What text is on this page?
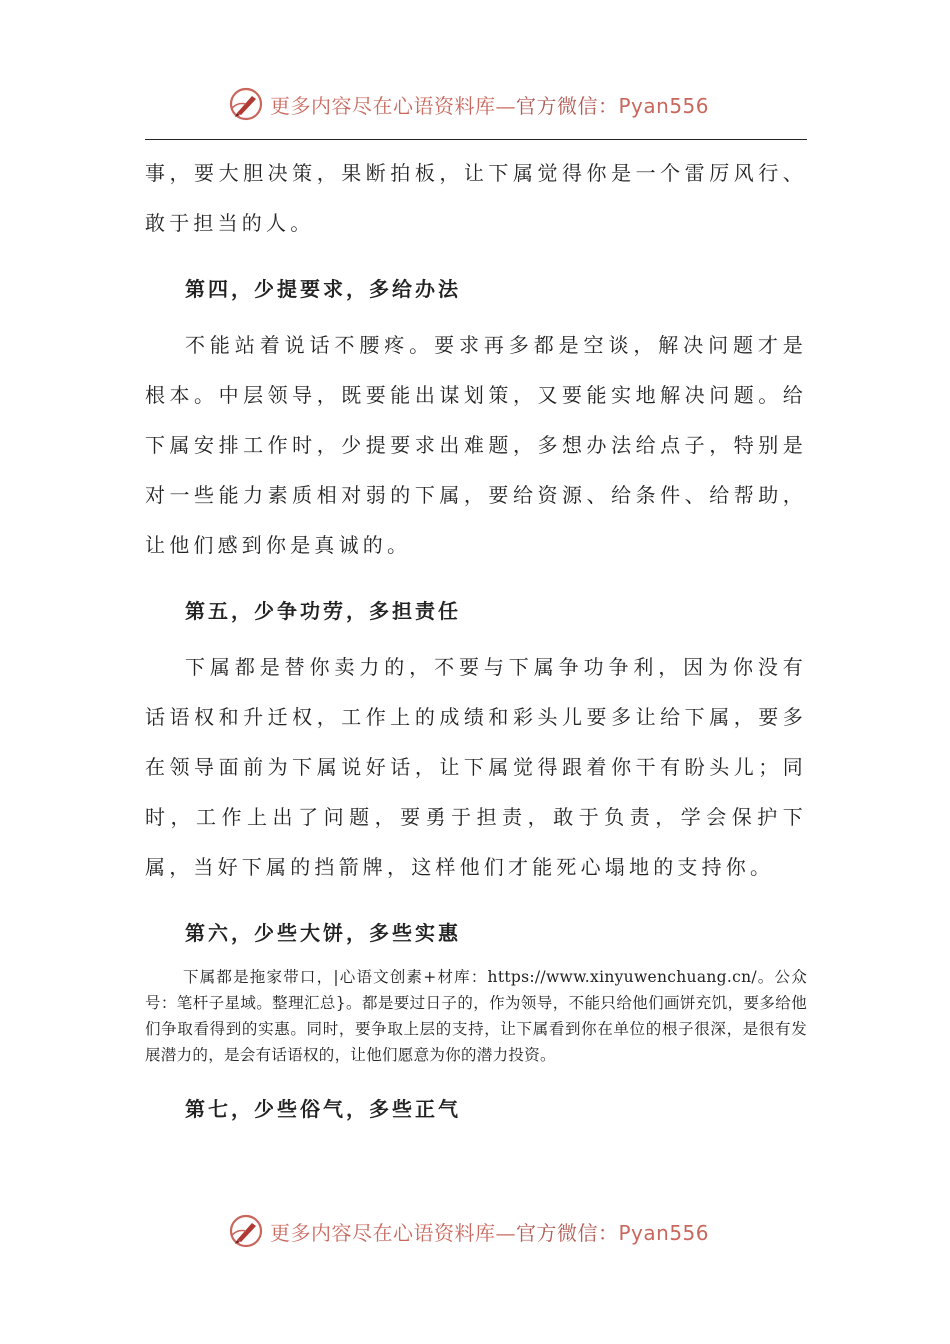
更多内容尽在心语资料库—官方微信：Pyan556

事，要大胆决策，果断拍板，让下属觉得你是一个雷厉风行、敢于担当的人。

第四，少提要求，多给办法

不能站着说话不腰疼。要求再多都是空谈，解决问题才是根本。中层领导，既要能出谋划策，又要能实地解决问题。给下属安排工作时，少提要求出难题，多想办法给点子，特别是对一些能力素质相对弱的下属，要给资源、给条件、给帮助，让他们感到你是真诚的。

第五，少争功劳，多担责任

下属都是替你卖力的，不要与下属争功争利，因为你没有话语权和升迁权，工作上的成绩和彩头儿要多让给下属，要多在领导面前为下属说好话，让下属觉得跟着你干有盼头儿；同时，工作上出了问题，要勇于担责，敢于负责，学会保护下属，当好下属的挡箭牌，这样他们才能死心塌地的支持你。

第六，少些大饼，多些实惠

下属都是拖家带口，|心语文创素+材库：https://www.xinyuwenchuang.cn/。公众号：笔杆子星域。整理汇总}。都是要过日子的，作为领导，不能只给他们画饼充饥，要多给他们争取看得到的实惠。同时，要争取上层的支持，让下属看到你在单位的根子很深，是很有发展潜力的，是会有话语权的，让他们愿意为你的潜力投资。

第七，少些俗气，多些正气
更多内容尽在心语资料库—官方微信：Pyan556
